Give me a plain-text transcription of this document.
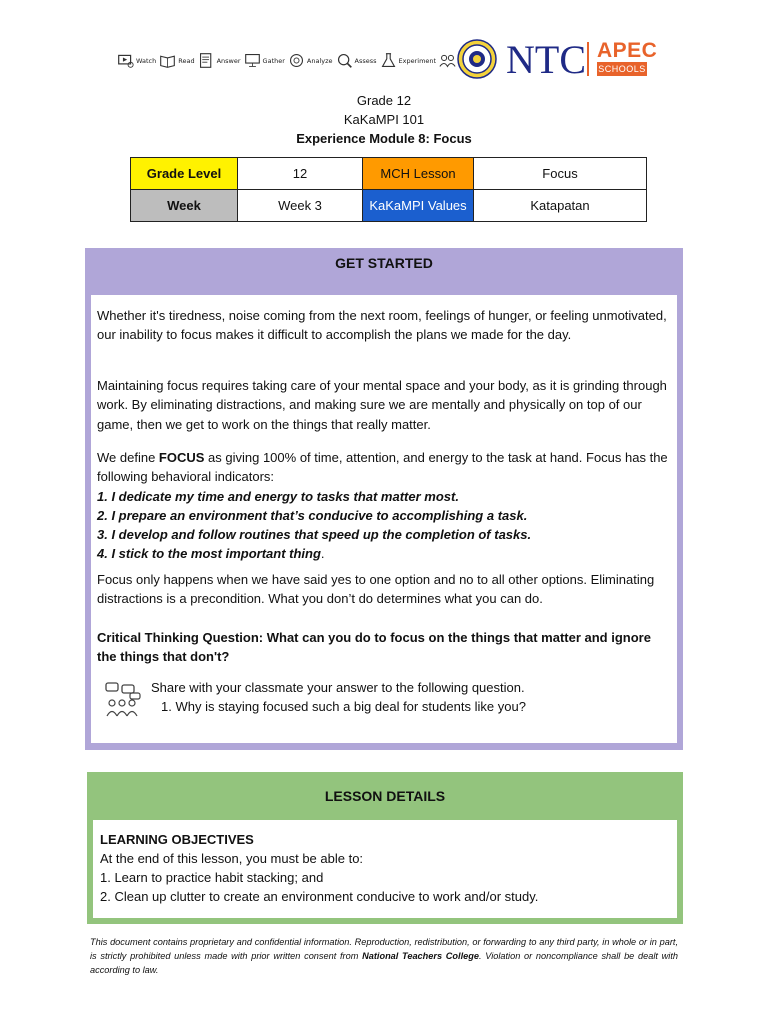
Watch	Read	Answer	Gather	Analyze	Assess	Experiment NTC APEC
SCHOOLS
Grade 12
KaKaMPI 101
Experience Module 8: Focus
Grade Level	12	MCH Lesson	Focus
Week	Week 3	KaKaMPI Values	Katapatan
GET STARTED
Whether it's tiredness, noise coming from the next room, feelings of hunger, or feeling unmotivated, our inability to focus makes it difficult to accomplish the plans we made for the day.
Maintaining focus requires taking care of your mental space and your body, as it is grinding through work. By eliminating distractions, and making sure we are mentally and physically on top of our game, then we get to work on the things that really matter.

We define FOCUS as giving 100% of time, attention, and energy to the task at hand. Focus has the following behavioral indicators:

1. I dedicate my time and energy to tasks that matter most.

2. I prepare an environment that’s conducive to accomplishing a task.

3. I develop and follow routines that speed up the completion of tasks.

4. I stick to the most important thing.

Focus only happens when we have said yes to one option and no to all other options. Eliminating distractions is a precondition. What you don’t do determines what you can do.
Critical Thinking Question: What can you do to focus on the things that matter and ignore the things that don't?
Share with your classmate your answer to the following question.
1. Why is staying focused such a big deal for students like you?
LESSON DETAILS
LEARNING OBJECTIVES
At the end of this lesson, you must be able to:
1. Learn to practice habit stacking; and
2. Clean up clutter to create an environment conducive to work and/or study.
This document contains proprietary and confidential information. Reproduction, redistribution, or forwarding to any third party, in whole or in part, is strictly prohibited unless made with prior written consent from National Teachers College. Violation or noncompliance shall be dealt with according to law.
